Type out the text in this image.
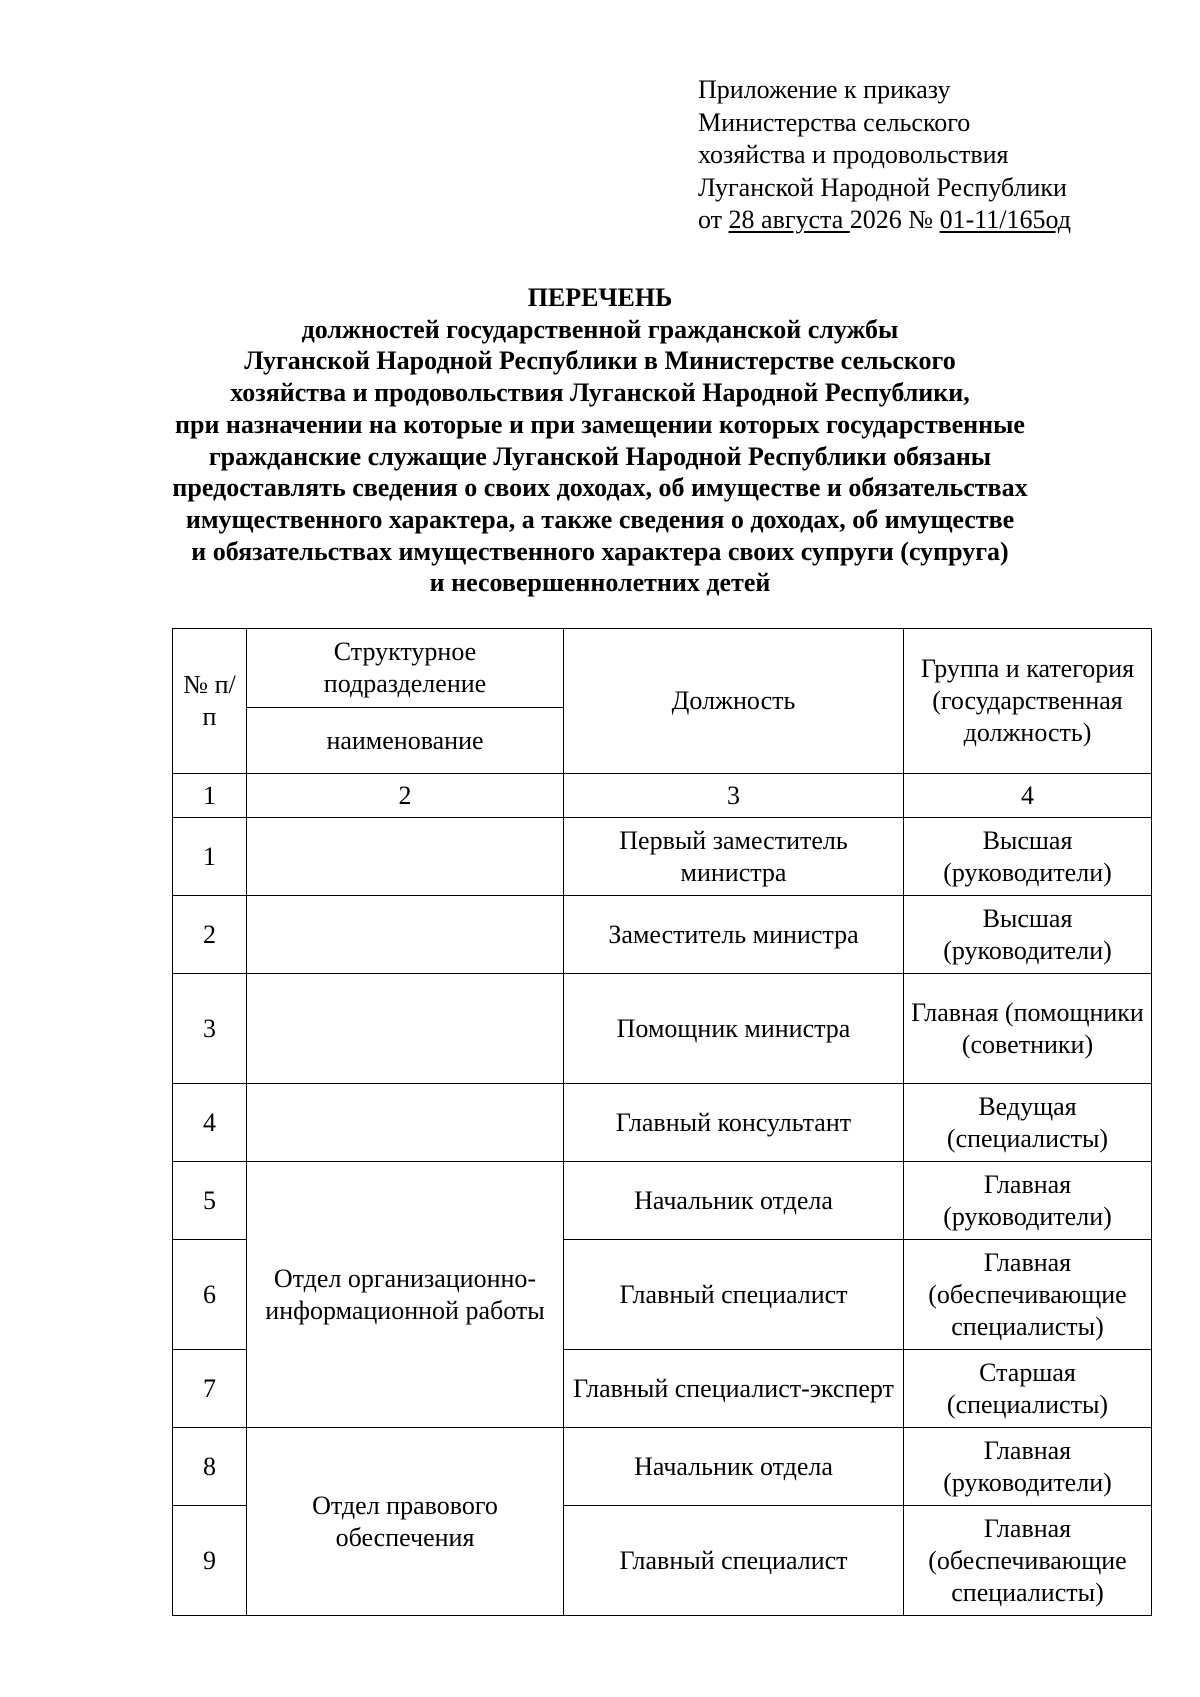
Приложение к приказу
Министерства сельского
хозяйства и продовольствия
Луганской Народной Республики
от 28 августа 2026 № 01-11/165од
ПЕРЕЧЕНЬ
должностей государственной гражданской службы
Луганской Народной Республики в Министерстве сельского
хозяйства и продовольствия Луганской Народной Республики,
при назначении на которые и при замещении которых государственные
гражданские служащие Луганской Народной Республики обязаны
предоставлять сведения о своих доходах, об имуществе и обязательствах
имущественного характера, а также сведения о доходах, об имуществе
и обязательствах имущественного характера своих супруги (супруга)
и несовершеннолетних детей
№ п/п	Структурное подразделение	Должность	Группа и категория (государственная должность)
	наименование		
1	2	3	4
1		Первый заместитель министра	Высшая (руководители)
2		Заместитель министра	Высшая (руководители)
3		Помощник министра	Главная (помощники (советники)
4		Главный консультант	Ведущая (специалисты)
5	Отдел организационно-информационной работы	Начальник отдела	Главная (руководители)
6		Главный специалист	Главная (обеспечивающие специалисты)
7		Главный специалист-эксперт	Старшая (специалисты)
8	Отдел правового обеспечения	Начальник отдела	Главная (руководители)
9		Главный специалист	Главная (обеспечивающие специалисты)
